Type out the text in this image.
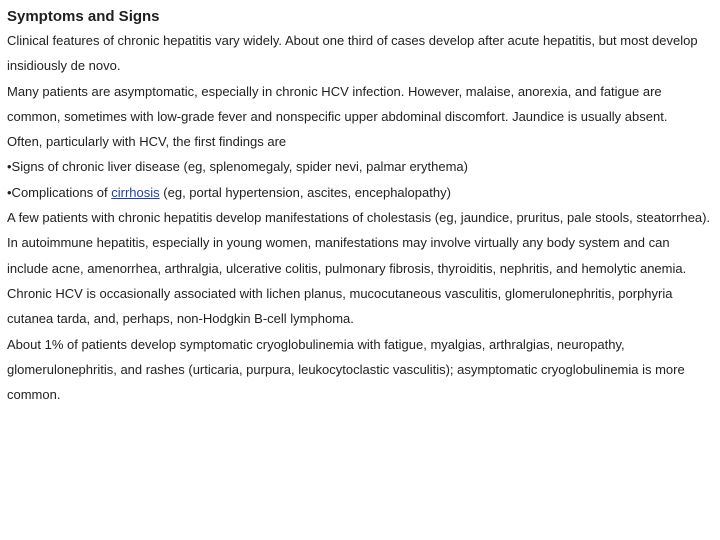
Symptoms and Signs

Clinical features of chronic hepatitis vary widely. About one third of cases develop after acute hepatitis, but most develop insidiously de novo.

Many patients are asymptomatic, especially in chronic HCV infection. However, malaise, anorexia, and fatigue are common, sometimes with low-grade fever and nonspecific upper abdominal discomfort. Jaundice is usually absent.

Often, particularly with HCV, the first findings are

•Signs of chronic liver disease (eg, splenomegaly, spider nevi, palmar erythema)

•Complications of cirrhosis (eg, portal hypertension, ascites, encephalopathy)

A few patients with chronic hepatitis develop manifestations of cholestasis (eg, jaundice, pruritus, pale stools, steatorrhea).

In autoimmune hepatitis, especially in young women, manifestations may involve virtually any body system and can include acne, amenorrhea, arthralgia, ulcerative colitis, pulmonary fibrosis, thyroiditis, nephritis, and hemolytic anemia.

Chronic HCV is occasionally associated with lichen planus, mucocutaneous vasculitis, glomerulonephritis, porphyria cutanea tarda, and, perhaps, non-Hodgkin B-cell lymphoma.

About 1% of patients develop symptomatic cryoglobulinemia with fatigue, myalgias, arthralgias, neuropathy, glomerulonephritis, and rashes (urticaria, purpura, leukocytoclastic vasculitis); asymptomatic cryoglobulinemia is more common.
